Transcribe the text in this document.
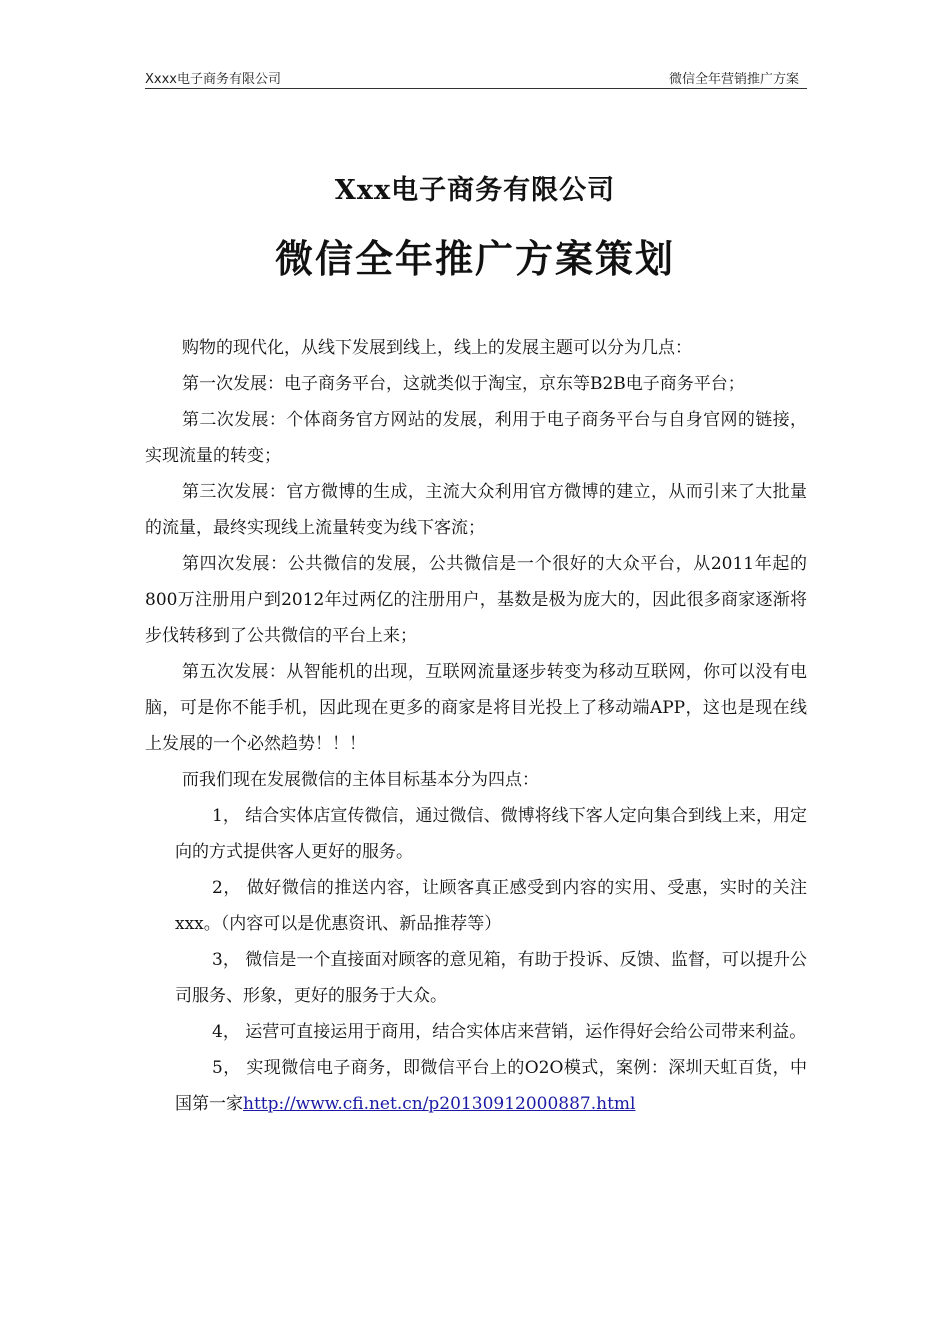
Xxxx电子商务有限公司	微信全年营销推广方案
Xxx电子商务有限公司
微信全年推广方案策划

购物的现代化，从线下发展到线上，线上的发展主题可以分为几点：

第一次发展：电子商务平台，这就类似于淘宝，京东等B2B电子商务平台；

第二次发展：个体商务官方网站的发展，利用于电子商务平台与自身官网的链接，实现流量的转变；

第三次发展：官方微博的生成，主流大众利用官方微博的建立，从而引来了大批量的流量，最终实现线上流量转变为线下客流；

第四次发展：公共微信的发展，公共微信是一个很好的大众平台，从2011年起的800万注册用户到2012年过两亿的注册用户，基数是极为庞大的，因此很多商家逐渐将步伐转移到了公共微信的平台上来；

第五次发展：从智能机的出现，互联网流量逐步转变为移动互联网，你可以没有电脑，可是你不能手机，因此现在更多的商家是将目光投上了移动端APP，这也是现在线上发展的一个必然趋势！！！

而我们现在发展微信的主体目标基本分为四点：

1， 结合实体店宣传微信，通过微信、微博将线下客人定向集合到线上来，用定向的方式提供客人更好的服务。

2， 做好微信的推送内容，让顾客真正感受到内容的实用、受惠，实时的关注xxx。（内容可以是优惠资讯、新品推荐等）

3， 微信是一个直接面对顾客的意见箱，有助于投诉、反馈、监督，可以提升公司服务、形象，更好的服务于大众。

4， 运营可直接运用于商用，结合实体店来营销，运作得好会给公司带来利益。

5， 实现微信电子商务，即微信平台上的O2O模式，案例：深圳天虹百货，中国第一家http://www.cfi.net.cn/p20130912000887.html
